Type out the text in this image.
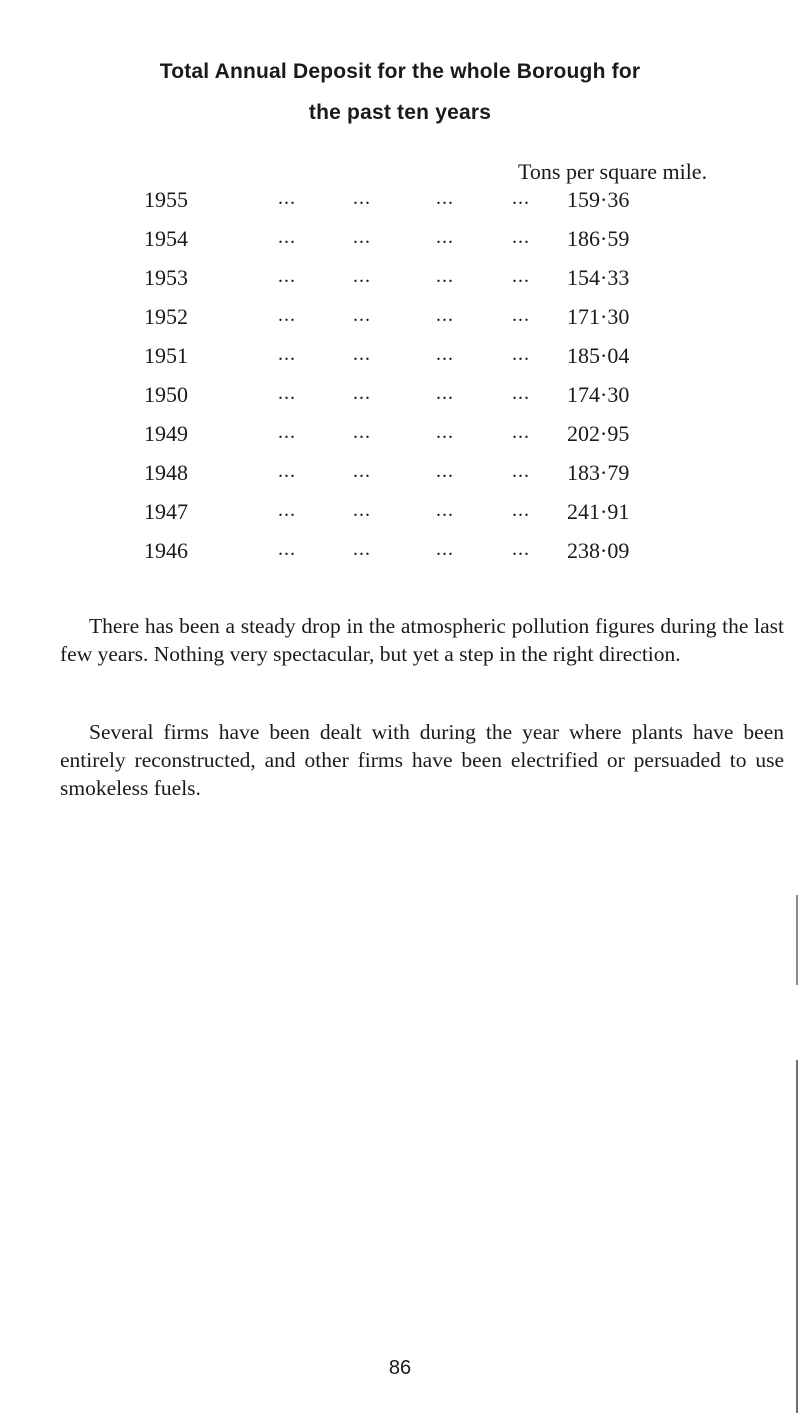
Total Annual Deposit for the whole Borough for
the past ten years
Tons per square mile.
1955	...	...	...	... 159·36
1954	...	...	...	... 186·59
1953	...	...	...	... 154·33
1952	...	...	...	... 171·30
1951	...	...	...	... 185·04
1950	...	...	...	... 174·30
1949	...	...	...	... 202·95
1948	...	...	...	... 183·79
1947	...	...	...	... 241·91
1946	...	...	...	... 238·09

There has been a steady drop in the atmospheric pollution figures during the last few years. Nothing very spectacular, but yet a step in the right direction.

Several firms have been dealt with during the year where plants have been entirely reconstructed, and other firms have been electrified or persuaded to use smokeless fuels.

86
